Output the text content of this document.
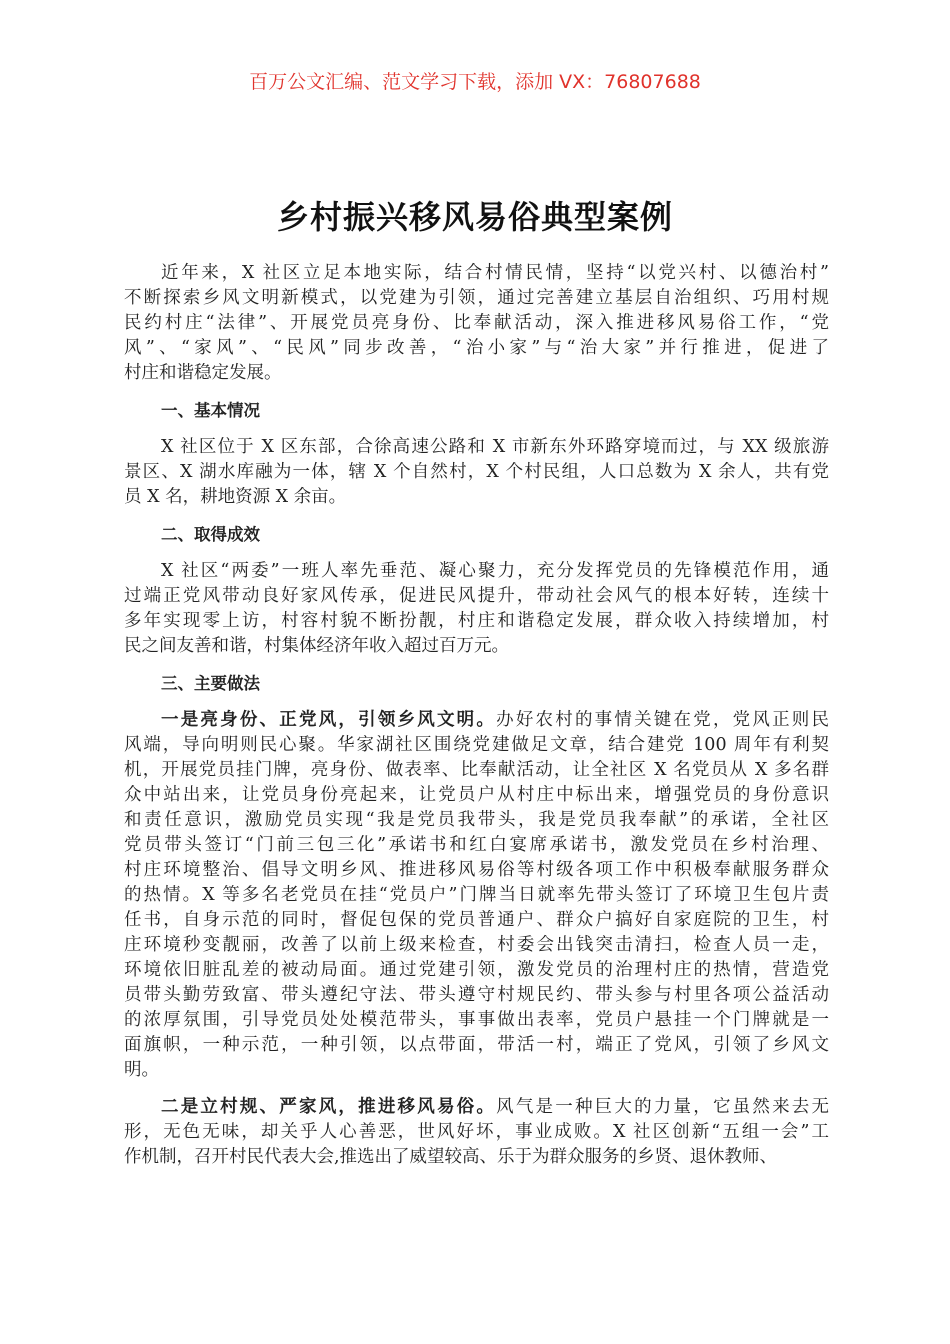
百万公文汇编、范文学习下载，添加 VX：76807688
乡村振兴移风易俗典型案例
近年来，X 社区立足本地实际，结合村情民情，坚持“以党兴村、以德治村”
不断探索乡风文明新模式，以党建为引领，通过完善建立基层自治组织、巧用村规
民约村庄“法律”、开展党员亮身份、比奉献活动，深入推进移风易俗工作，“党
风”、“家风”、“民风”同步改善，“治小家”与“治大家”并行推进，促进了
村庄和谐稳定发展。
一、基本情况
X 社区位于 X 区东部，合徐高速公路和 X 市新东外环路穿境而过，与 XX 级旅游
景区、X 湖水库融为一体，辖 X 个自然村，X 个村民组，人口总数为 X 余人，共有党
员 X 名，耕地资源 X 余亩。
二、取得成效
X 社区“两委”一班人率先垂范、凝心聚力，充分发挥党员的先锋模范作用，通
过端正党风带动良好家风传承，促进民风提升，带动社会风气的根本好转，连续十
多年实现零上访，村容村貌不断扮靓，村庄和谐稳定发展，群众收入持续增加，村
民之间友善和谐，村集体经济年收入超过百万元。
三、主要做法
一是亮身份、正党风，引领乡风文明。办好农村的事情关键在党，党风正则民
风端，导向明则民心聚。华家湖社区围绕党建做足文章，结合建党 100 周年有利契
机，开展党员挂门牌，亮身份、做表率、比奉献活动，让全社区 X 名党员从 X 多名群
众中站出来，让党员身份亮起来，让党员户从村庄中标出来，增强党员的身份意识
和责任意识，激励党员实现“我是党员我带头，我是党员我奉献”的承诺，全社区
党员带头签订“门前三包三化”承诺书和红白宴席承诺书，激发党员在乡村治理、
村庄环境整治、倡导文明乡风、推进移风易俗等村级各项工作中积极奉献服务群众
的热情。X 等多名老党员在挂“党员户”门牌当日就率先带头签订了环境卫生包片责
任书，自身示范的同时，督促包保的党员普通户、群众户搞好自家庭院的卫生，村
庄环境秒变靓丽，改善了以前上级来检查，村委会出钱突击清扫，检查人员一走，
环境依旧脏乱差的被动局面。通过党建引领，激发党员的治理村庄的热情，营造党
员带头勤劳致富、带头遵纪守法、带头遵守村规民约、带头参与村里各项公益活动
的浓厚氛围，引导党员处处模范带头，事事做出表率，党员户悬挂一个门牌就是一
面旗帜，一种示范，一种引领，以点带面，带活一村，端正了党风，引领了乡风文
明。
二是立村规、严家风，推进移风易俗。风气是一种巨大的力量，它虽然来去无
形，无色无味，却关乎人心善恶，世风好坏，事业成败。X 社区创新“五组一会”工
作机制，召开村民代表大会,推选出了威望较高、乐于为群众服务的乡贤、退休教师、
